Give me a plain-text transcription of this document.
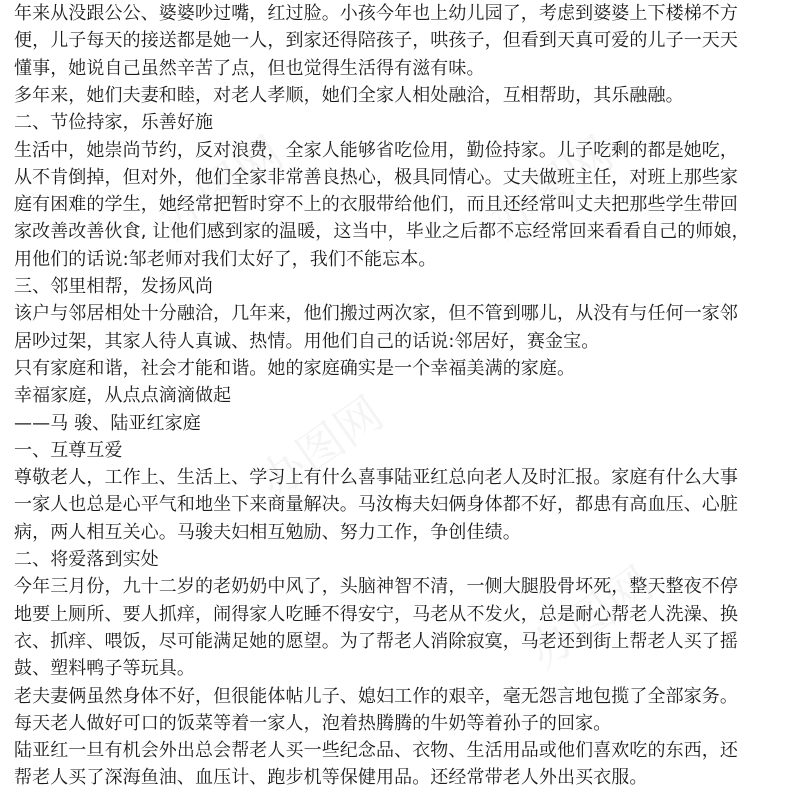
办图网	办图网
办图网
办图网
年来从没跟公公、婆婆吵过嘴，红过脸。小孩今年也上幼儿园了，考虑到婆婆上下楼梯不方
便，儿子每天的接送都是她一人，到家还得陪孩子，哄孩子，但看到天真可爱的儿子一天天
懂事，她说自己虽然辛苦了点，但也觉得生活得有滋有味。
多年来，她们夫妻和睦，对老人孝顺，她们全家人相处融洽，互相帮助，其乐融融。
二、节俭持家，乐善好施
生活中，她崇尚节约，反对浪费，全家人能够省吃俭用，勤俭持家。儿子吃剩的都是她吃，
从不肯倒掉，但对外，他们全家非常善良热心，极具同情心。丈夫做班主任，对班上那些家
庭有困难的学生，她经常把暂时穿不上的衣服带给他们，而且还经常叫丈夫把那些学生带回
家改善改善伙食, 让他们感到家的温暖，这当中，毕业之后都不忘经常回来看看自己的师娘，
用他们的话说:邹老师对我们太好了，我们不能忘本。
三、邻里相帮，发扬风尚
该户与邻居相处十分融洽，几年来，他们搬过两次家，但不管到哪儿，从没有与任何一家邻
居吵过架，其家人待人真诚、热情。用他们自己的话说:邻居好，赛金宝。
只有家庭和谐，社会才能和谐。她的家庭确实是一个幸福美满的家庭。
幸福家庭，从点点滴滴做起
——马 骏、陆亚红家庭
一、互尊互爱
尊敬老人，工作上、生活上、学习上有什么喜事陆亚红总向老人及时汇报。家庭有什么大事
一家人也总是心平气和地坐下来商量解决。马汝梅夫妇俩身体都不好，都患有高血压、心脏
病，两人相互关心。马骏夫妇相互勉励、努力工作，争创佳绩。
二、将爱落到实处
今年三月份，九十二岁的老奶奶中风了，头脑神智不清，一侧大腿股骨坏死，整天整夜不停
地要上厕所、要人抓痒，闹得家人吃睡不得安宁，马老从不发火，总是耐心帮老人洗澡、换
衣、抓痒、喂饭，尽可能满足她的愿望。为了帮老人消除寂寞，马老还到街上帮老人买了摇
鼓、塑料鸭子等玩具。
老夫妻俩虽然身体不好，但很能体帖儿子、媳妇工作的艰辛，毫无怨言地包揽了全部家务。
每天老人做好可口的饭菜等着一家人，泡着热腾腾的牛奶等着孙子的回家。
陆亚红一旦有机会外出总会帮老人买一些纪念品、衣物、生活用品或他们喜欢吃的东西，还
帮老人买了深海鱼油、血压计、跑步机等保健用品。还经常带老人外出买衣服。
